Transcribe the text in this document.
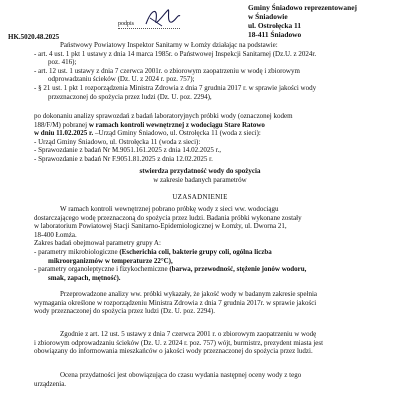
podpis
Gminy Śniadowo reprezentowanej
w Śniadowie
ul. Ostrołęcka 11
18-411 Śniadowo
HK.5020.48.2025
Państwowy Powiatowy Inspektor Sanitarny w Łomży działając na podstawie:
- art. 4 ust. 1 pkt 1 ustawy z dnia 14 marca 1985r. o Państwowej Inspekcji Sanitarnej (Dz.U. z 2024r.
poz. 416);
- art. 12 ust. 1 ustawy z dnia 7 czerwca 2001r. o zbiorowym zaopatrzeniu w wodę i zbiorowym
odprowadzaniu ścieków (Dz. U. z 2024 r. poz. 757);
- § 21 ust. 1 pkt 1 rozporządzenia Ministra Zdrowia z dnia 7 grudnia 2017 r. w sprawie jakości wody
przeznaczonej do spożycia przez ludzi (Dz. U. poz. 2294),
po dokonaniu analizy sprawozdań z badań laboratoryjnych próbki wody (oznaczonej kodem
188/F/M) pobranej w ramach kontroli wewnętrznej z wodociągu Stare Ratowo
w dniu 11.02.2025 r. –Urząd Gminy Śniadowo, ul. Ostrołęcka 11 (woda z sieci):
- Urząd Gminy Śniadowo, ul. Ostrołęcka 11 (woda z sieci):
- Sprawozdanie z badań Nr M.9051.161.2025 z dnia 14.02.2025 r.,
- Sprawozdanie z badań Nr F.9051.81.2025 z dnia 12.02.2025 r.
stwierdza przydatność wody do spożycia
w zakresie badanych parametrów
UZASADNIENIE
W ramach kontroli wewnętrznej pobrano próbkę wody z sieci ww. wodociągu
dostarczającego wodę przeznaczoną do spożycia przez ludzi. Badania próbki wykonane zostały
w laboratorium Powiatowej Stacji Sanitarno-Epidemiologicznej w Łomży, ul. Dworna 21,
18-400 Łomża.
Zakres badań obejmował parametry grupy A:
- parametry mikrobiologiczne (Escherichia coli, bakterie grupy coli, ogólna liczba
mikroorganizmów w temperaturze 22°C),
- parametry organoleptyczne i fizykochemiczne (barwa, przewodność, stężenie jonów wodoru,
smak, zapach, mętność).
Przeprowadzone analizy ww. próbki wykazały, że jakość wody w badanym zakresie spełnia
wymagania określone w rozporządzeniu Ministra Zdrowia z dnia 7 grudnia 2017r. w sprawie jakości
wody przeznaczonej do spożycia przez ludzi (Dz. U. poz. 2294).
Zgodnie z art. 12 ust. 5 ustawy z dnia 7 czerwca 2001 r. o zbiorowym zaopatrzeniu w wodę
i zbiorowym odprowadzaniu ścieków (Dz. U. z 2024 r. poz. 757) wójt, burmistrz, prezydent miasta jest
obowiązany do informowania mieszkańców o jakości wody przeznaczonej do spożycia przez ludzi.
Ocena przydatności jest obowiązująca do czasu wydania następnej oceny wody z tego
urządzenia.
